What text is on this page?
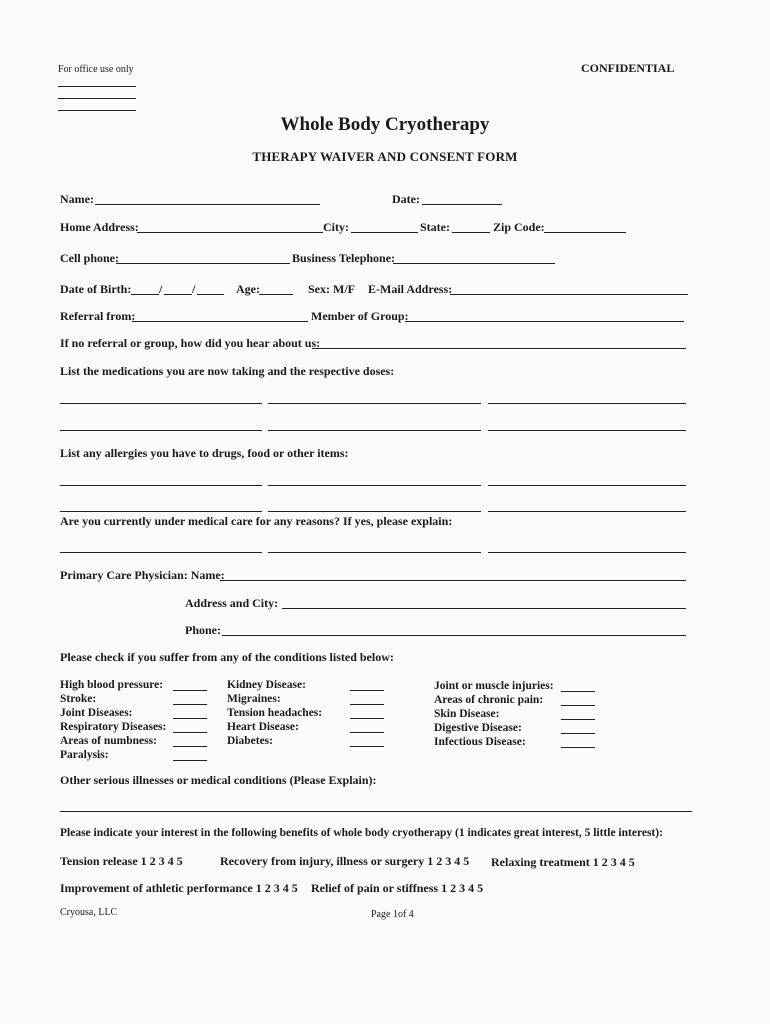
For office use only	CONFIDENTIAL
Whole Body Cryotherapy
THERAPY WAIVER AND CONSENT FORM
Name:	Date:
Home Address:	City:	State:	Zip Code:
Cell phone:	Business Telephone:
Date of Birth: / /	Age:	Sex: M/F E-Mail Address:
Referral from:	Member of Group:
If no referral or group, how did you hear about us:
List the medications you are now taking and the respective doses:
List any allergies you have to drugs, food or other items:
Are you currently under medical care for any reasons? If yes, please explain:
Primary Care Physician: Name:
Address and City:
Phone:
Please check if you suffer from any of the conditions listed below:
High blood pressure:
Stroke:
Joint Diseases:
Respiratory Diseases:
Areas of numbness:
Paralysis:
Kidney Disease:
Migraines:
Tension headaches:
Heart Disease:
Diabetes:
Joint or muscle injuries:
Areas of chronic pain:
Skin Disease:
Digestive Disease:
Infectious Disease:
Other serious illnesses or medical conditions (Please Explain):
Please indicate your interest in the following benefits of whole body cryotherapy (1 indicates great interest, 5 little interest):
Tension release 1 2 3 4 5	Recovery from injury, illness or surgery 1 2 3 4 5 Relaxing treatment 1 2 3 4 5
Improvement of athletic performance 1 2 3 4 5 Relief of pain or stiffness 1 2 3 4 5
Cryousa, LLC	Page 1of 4
